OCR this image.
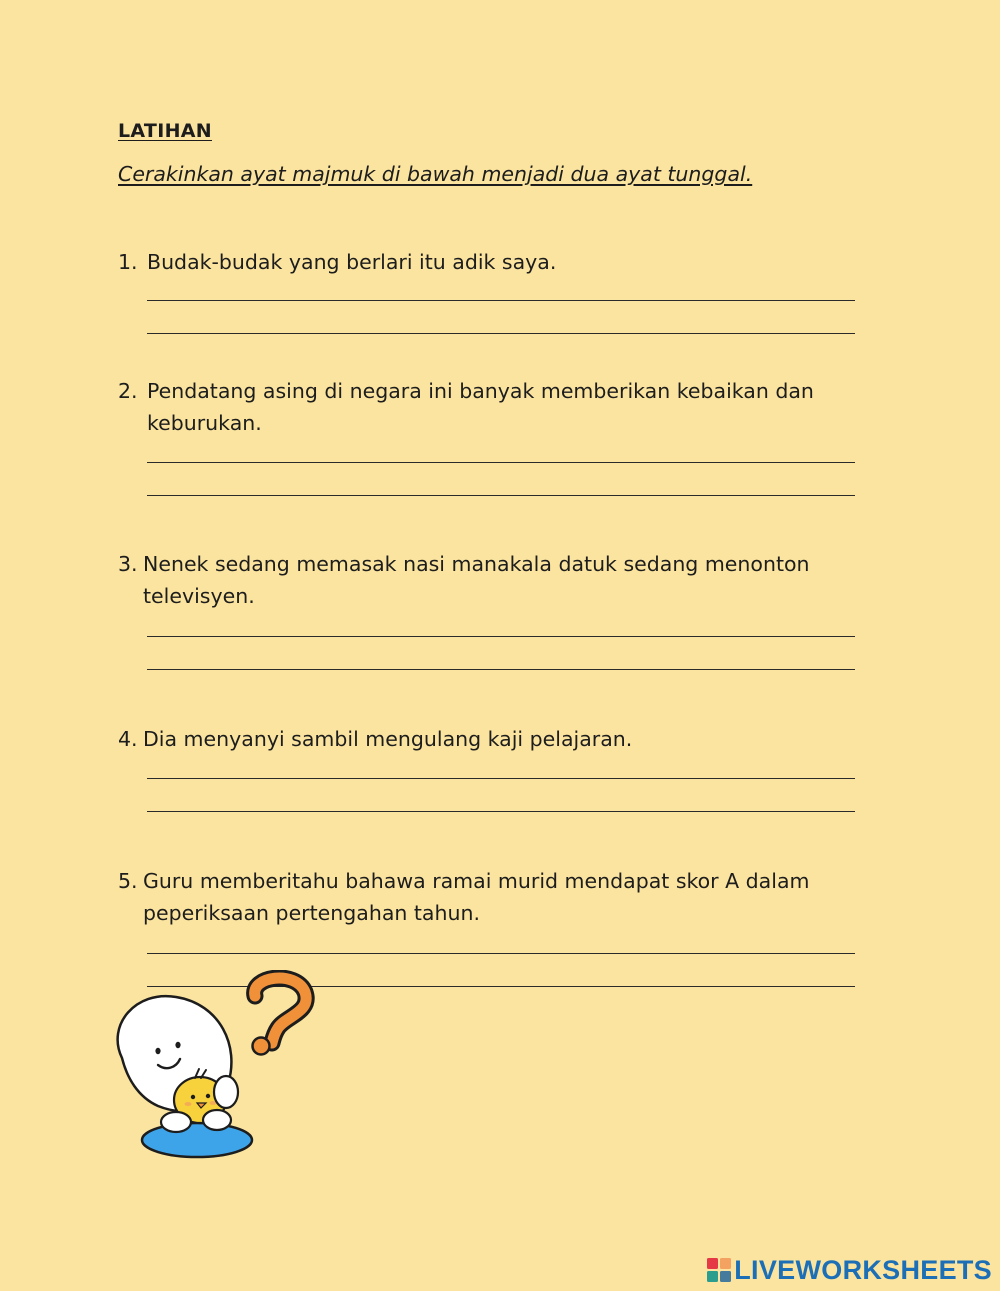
LATIHAN
Cerakinkan ayat majmuk di bawah menjadi dua ayat tunggal.
1. Budak-budak yang berlari itu adik saya.
2. Pendatang asing di negara ini banyak memberikan kebaikan dan
keburukan.
3. Nenek sedang memasak nasi manakala datuk sedang menonton
televisyen.
4. Dia menyanyi sambil mengulang kaji pelajaran.
5. Guru memberitahu bahawa ramai murid mendapat skor A dalam
peperiksaan pertengahan tahun.
LIVEWORKSHEETS
